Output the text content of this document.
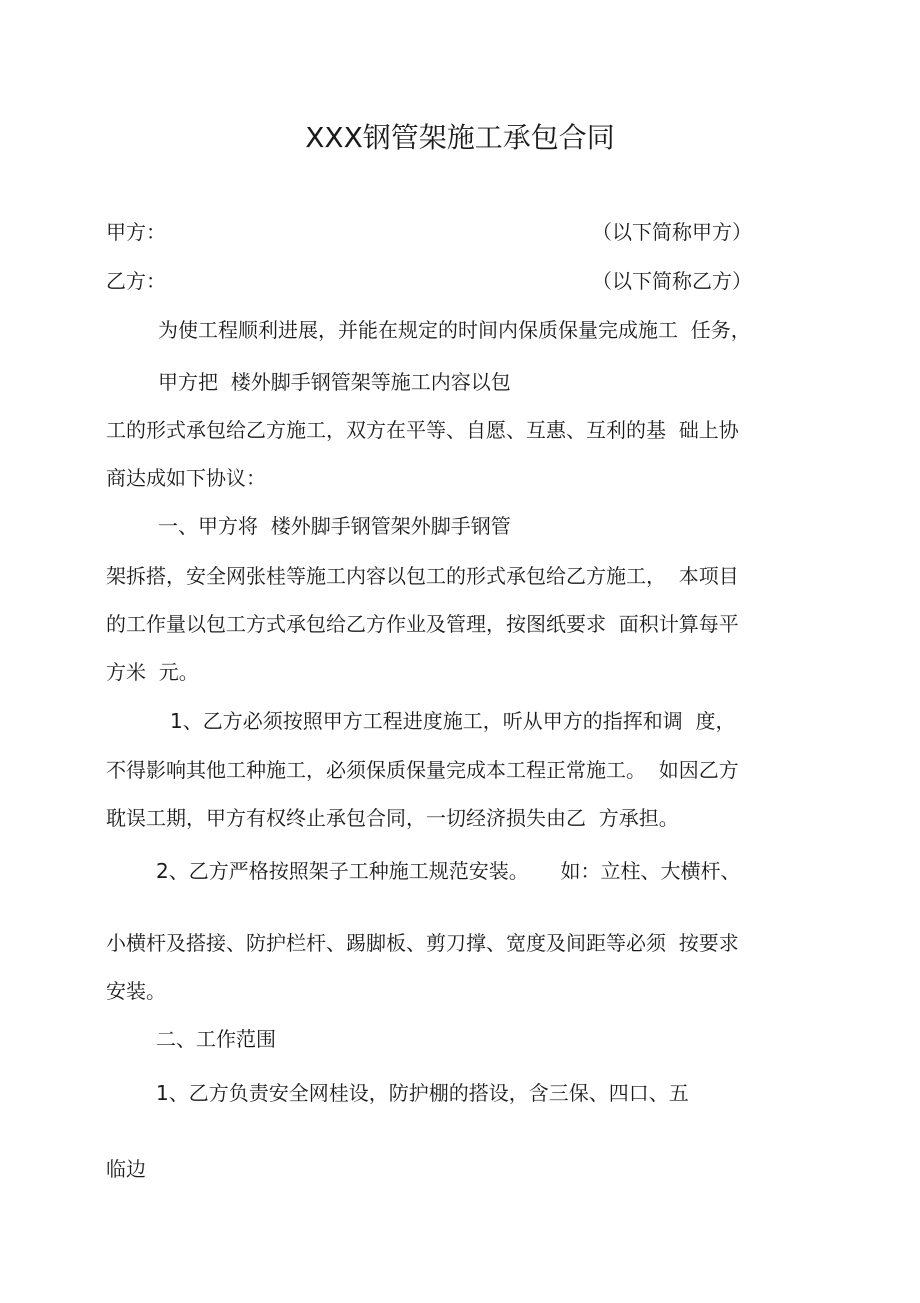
XXX钢管架施工承包合同
甲方：	（以下简称甲方）
乙方：	（以下简称乙方）
为使工程顺利进展，并能在规定的时间内保质保量完成施工  任务，
甲方把  楼外脚手钢管架等施工内容以包
工的形式承包给乙方施工，双方在平等、自愿、互惠、互利的基  础上协
商达成如下协议：
一、甲方将  楼外脚手钢管架外脚手钢管
架拆搭，安全网张桂等施工内容以包工的形式承包给乙方施工，  本项目
的工作量以包工方式承包给乙方作业及管理，按图纸要求  面积计算每平
方米  元。
1、乙方必须按照甲方工程进度施工，听从甲方的指挥和调  度，
不得影响其他工种施工，必须保质保量完成本工程正常施工。  如因乙方
耽误工期，甲方有权终止承包合同，一切经济损失由乙  方承担。
2、乙方严格按照架子工种施工规范安装。     如：立柱、大横杆、
小横杆及搭接、防护栏杆、踢脚板、剪刀撑、宽度及间距等必须  按要求
安装。
二、工作范围
1、乙方负责安全网桂设，防护棚的搭设，含三保、四口、五
临边
